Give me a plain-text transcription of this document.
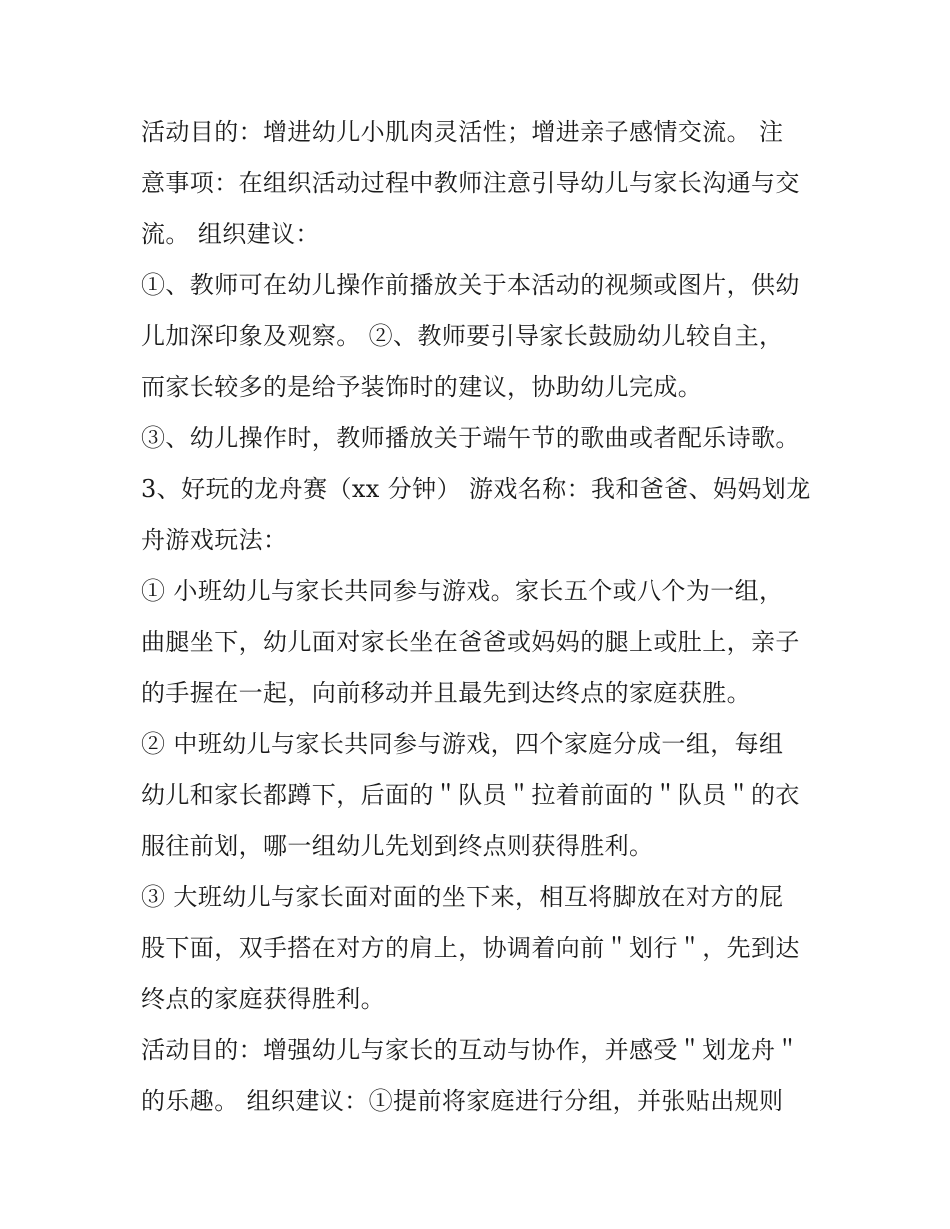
活动目的：增进幼儿小肌肉灵活性；增进亲子感情交流。 注
意事项：在组织活动过程中教师注意引导幼儿与家长沟通与交
流。 组织建议：
①、教师可在幼儿操作前播放关于本活动的视频或图片，供幼
儿加深印象及观察。 ②、教师要引导家长鼓励幼儿较自主，
而家长较多的是给予装饰时的建议，协助幼儿完成。
③、幼儿操作时，教师播放关于端午节的歌曲或者配乐诗歌。
3、好玩的龙舟赛（xx 分钟） 游戏名称：我和爸爸、妈妈划龙
舟游戏玩法：
① 小班幼儿与家长共同参与游戏。家长五个或八个为一组，
曲腿坐下，幼儿面对家长坐在爸爸或妈妈的腿上或肚上，亲子
的手握在一起，向前移动并且最先到达终点的家庭获胜。
② 中班幼儿与家长共同参与游戏，四个家庭分成一组，每组
幼儿和家长都蹲下，后面的＂队员＂拉着前面的＂队员＂的衣
服往前划，哪一组幼儿先划到终点则获得胜利。
③ 大班幼儿与家长面对面的坐下来，相互将脚放在对方的屁
股下面，双手搭在对方的肩上，协调着向前＂划行＂，先到达
终点的家庭获得胜利。
活动目的：增强幼儿与家长的互动与协作，并感受＂划龙舟＂
的乐趣。 组织建议：①提前将家庭进行分组，并张贴出规则
